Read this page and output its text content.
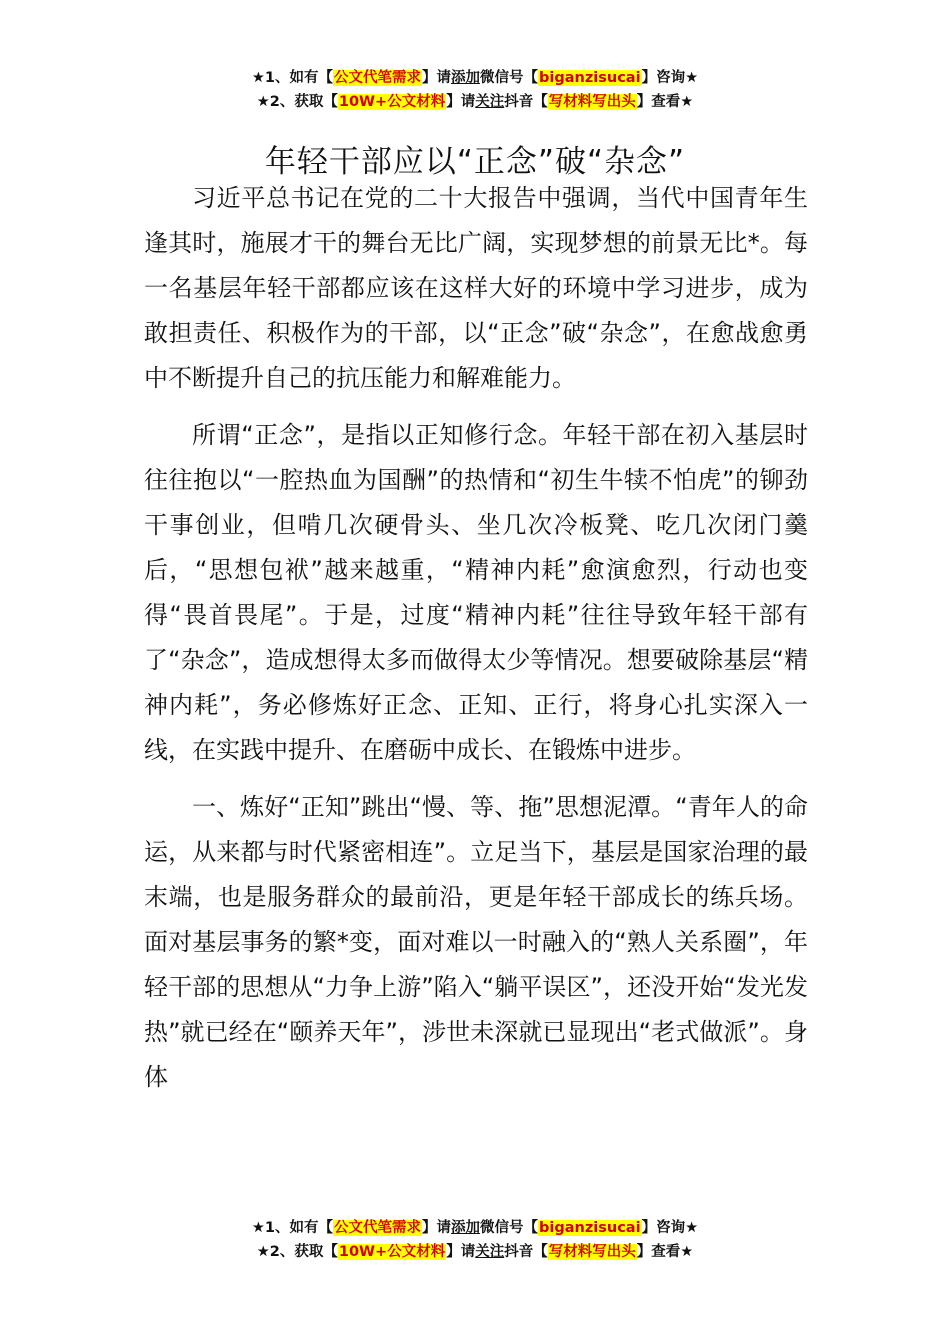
★1、如有【公文代笔需求】请添加微信号【biganzisucai】咨询★
★2、获取【10W+公文材料】请关注抖音【写材料写出头】查看★
年轻干部应以“正念”破“杂念”

习近平总书记在党的二十大报告中强调，当代中国青年生逢其时，施展才干的舞台无比广阔，实现梦想的前景无比*。每一名基层年轻干部都应该在这样大好的环境中学习进步，成为敢担责任、积极作为的干部，以“正念”破“杂念”，在愈战愈勇中不断提升自己的抗压能力和解难能力。

所谓“正念”，是指以正知修行念。年轻干部在初入基层时往往抱以“一腔热血为国酬”的热情和“初生牛犊不怕虎”的铆劲干事创业，但啃几次硬骨头、坐几次冷板凳、吃几次闭门羹后，“思想包袱”越来越重，“精神内耗”愈演愈烈，行动也变得“畏首畏尾”。于是，过度“精神内耗”往往导致年轻干部有了“杂念”，造成想得太多而做得太少等情况。想要破除基层“精神内耗”，务必修炼好正念、正知、正行，将身心扎实深入一线，在实践中提升、在磨砺中成长、在锻炼中进步。

一、炼好“正知”跳出“慢、等、拖”思想泥潭。“青年人的命运，从来都与时代紧密相连”。立足当下，基层是国家治理的最末端，也是服务群众的最前沿，更是年轻干部成长的练兵场。面对基层事务的繁*变，面对难以一时融入的“熟人关系圈”，年轻干部的思想从“力争上游”陷入“躺平误区”，还没开始“发光发热”就已经在“颐养天年”，涉世未深就已显现出“老式做派”。身体

★1、如有【公文代笔需求】请添加微信号【biganzisucai】咨询★
★2、获取【10W+公文材料】请关注抖音【写材料写出头】查看★
